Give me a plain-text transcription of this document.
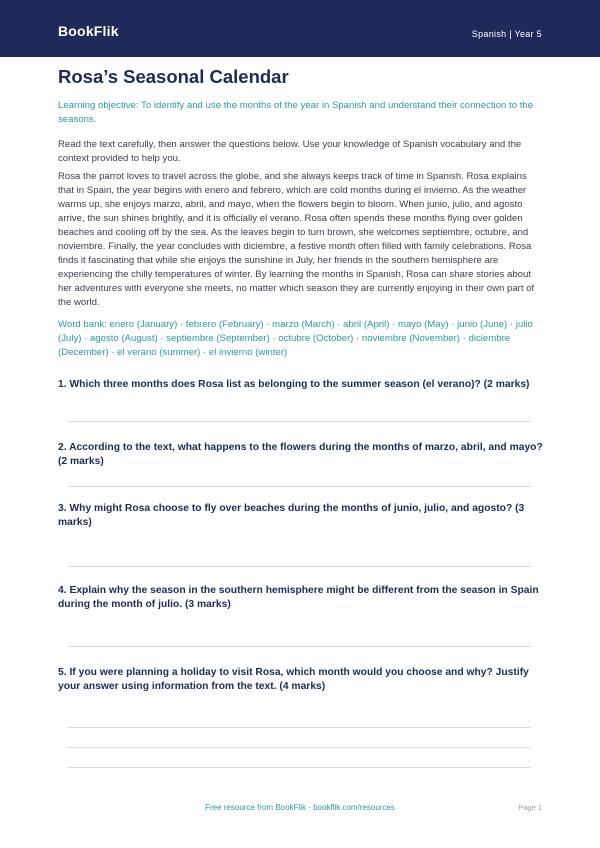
BookFlik	Spanish | Year 5
Rosa’s Seasonal Calendar
Learning objective: To identify and use the months of the year in Spanish and understand their connection to the seasons.
Read the text carefully, then answer the questions below. Use your knowledge of Spanish vocabulary and the context provided to help you.
Rosa the parrot loves to travel across the globe, and she always keeps track of time in Spanish. Rosa explains that in Spain, the year begins with enero and febrero, which are cold months during el invierno. As the weather warms up, she enjoys marzo, abril, and mayo, when the flowers begin to bloom. When junio, julio, and agosto arrive, the sun shines brightly, and it is officially el verano. Rosa often spends these months flying over golden beaches and cooling off by the sea. As the leaves begin to turn brown, she welcomes septiembre, octubre, and noviembre. Finally, the year concludes with diciembre, a festive month often filled with family celebrations. Rosa finds it fascinating that while she enjoys the sunshine in July, her friends in the southern hemisphere are experiencing the chilly temperatures of winter. By learning the months in Spanish, Rosa can share stories about her adventures with everyone she meets, no matter which season they are currently enjoying in their own part of the world.
Word bank: enero (January) · febrero (February) · marzo (March) · abril (April) · mayo (May) · junio (June) · julio (July) · agosto (August) · septiembre (September) · octubre (October) · noviembre (November) · diciembre (December) · el verano (summer) · el invierno (winter)
1. Which three months does Rosa list as belonging to the summer season (el verano)? (2 marks)
2. According to the text, what happens to the flowers during the months of marzo, abril, and mayo? (2 marks)
3. Why might Rosa choose to fly over beaches during the months of junio, julio, and agosto? (3 marks)
4. Explain why the season in the southern hemisphere might be different from the season in Spain during the month of julio. (3 marks)
5. If you were planning a holiday to visit Rosa, which month would you choose and why? Justify your answer using information from the text. (4 marks)
Free resource from BookFlik · bookflik.com/resources	Page 1
